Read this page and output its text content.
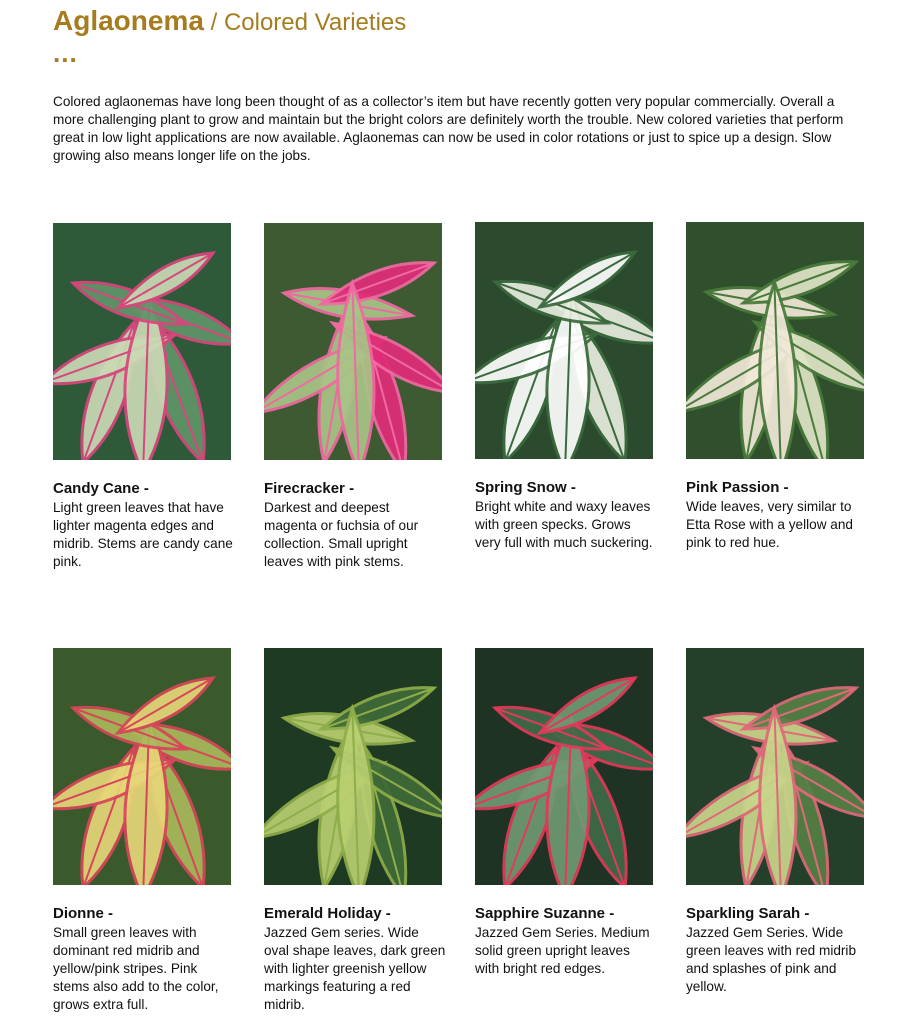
Aglaonema / Colored Varieties
...

Colored aglaonemas have long been thought of as a collector’s item but have recently gotten very popular commercially. Overall a more challenging plant to grow and maintain but the bright colors are definitely worth the trouble. New colored varieties that perform great in low light applications are now available. Aglaonemas can now be used in color rotations or just to spice up a design. Slow growing also means longer life on the jobs.

Candy Cane -

Light green leaves that have lighter magenta edges and midrib. Stems are candy cane pink.

Firecracker -

Darkest and deepest magenta or fuchsia of our collection. Small upright leaves with pink stems.

Spring Snow -

Bright white and waxy leaves with green specks. Grows very full with much suckering.

Pink Passion -

Wide leaves, very similar to Etta Rose with a yellow and pink to red hue.

Dionne -

Small green leaves with dominant red midrib and yellow/pink stripes. Pink stems also add to the color, grows extra full.

Emerald Holiday -

Jazzed Gem series. Wide oval shape leaves, dark green with lighter greenish yellow markings featuring a red midrib.

Sapphire Suzanne -

Jazzed Gem Series. Medium solid green upright leaves with bright red edges.

Sparkling Sarah -

Jazzed Gem Series. Wide green leaves with red midrib and splashes of pink and yellow.
